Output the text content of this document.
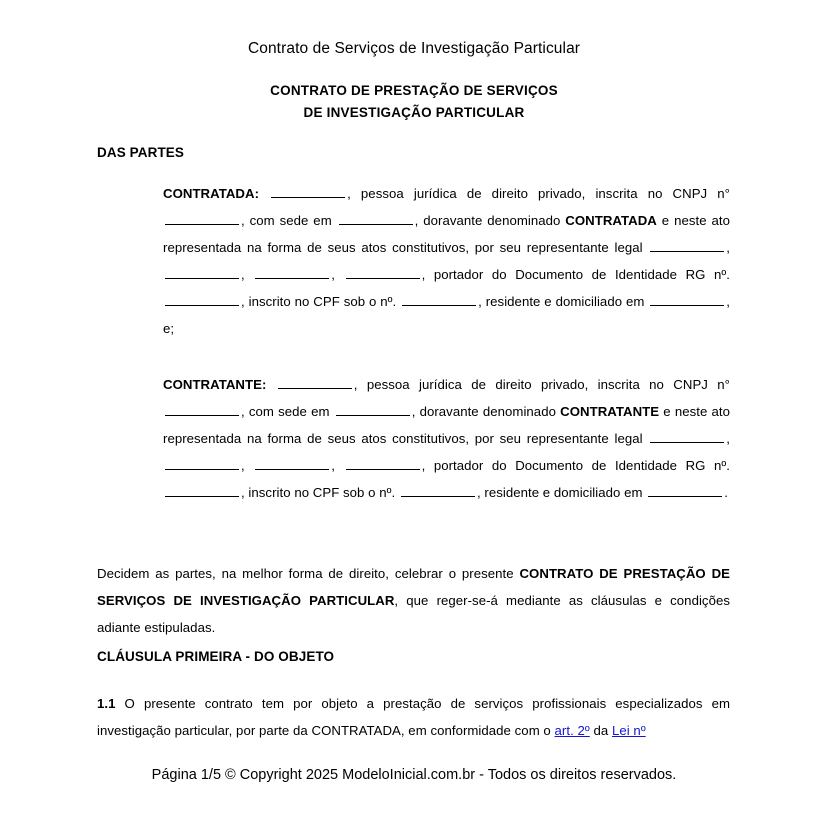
Contrato de Serviços de Investigação Particular
CONTRATO DE PRESTAÇÃO DE SERVIÇOS
DE INVESTIGAÇÃO PARTICULAR
DAS PARTES
CONTRATADA:	, pessoa jurídica de direito privado, inscrita no CNPJ n° , com sede em	, doravante denominado CONTRATADA e neste ato representada na forma de seus atos constitutivos, por seu representante legal	, ,	,	, portador do Documento de Identidade RG nº. , inscrito no CPF sob o nº.	, residente e domiciliado em	, e;
CONTRATANTE:	, pessoa jurídica de direito privado, inscrita no CNPJ n° , com sede em	, doravante denominado CONTRATANTE e neste ato representada na forma de seus atos constitutivos, por seu representante legal	, ,	,	, portador do Documento de Identidade RG nº. , inscrito no CPF sob o nº.	, residente e domiciliado em	.
Decidem as partes, na melhor forma de direito, celebrar o presente CONTRATO DE PRESTAÇÃO DE SERVIÇOS DE INVESTIGAÇÃO PARTICULAR, que reger-se-á mediante as cláusulas e condições adiante estipuladas.
CLÁUSULA PRIMEIRA - DO OBJETO
1.1 O presente contrato tem por objeto a prestação de serviços profissionais especializados em investigação particular, por parte da CONTRATADA, em conformidade com o art. 2º da Lei nº
Página 1/5 © Copyright 2025 ModeloInicial.com.br - Todos os direitos reservados.
